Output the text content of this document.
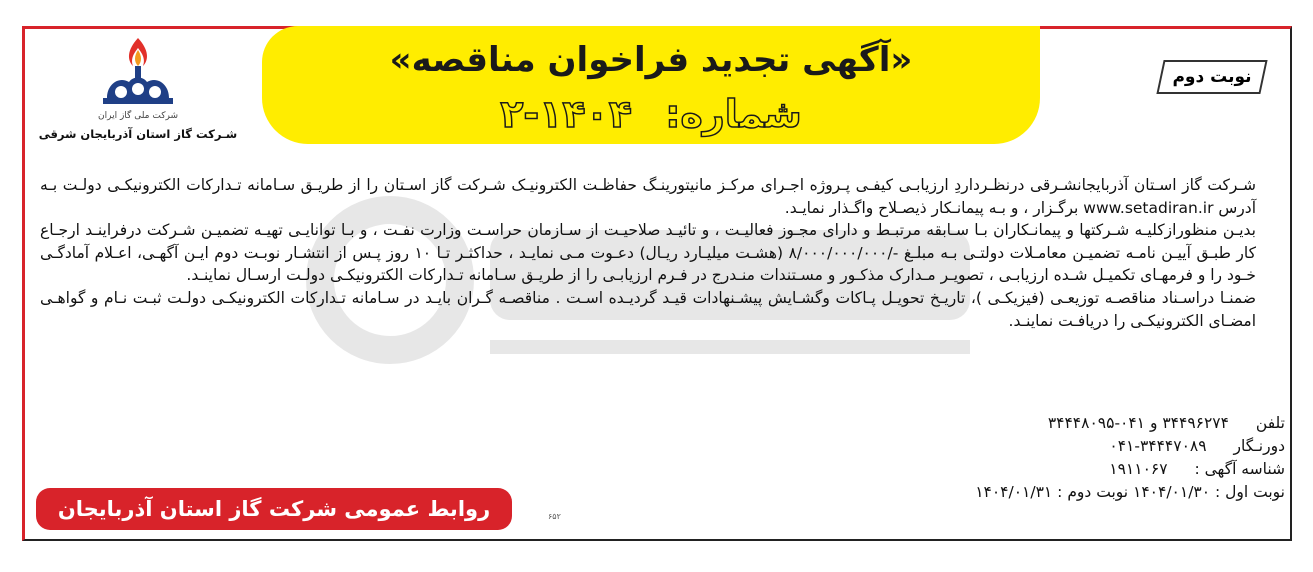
«آگهی تجدید فراخوان مناقصه»
شماره: ۱۴۰۴-۲
نوبت دوم
شرکت ملی گاز ایران
شـرکت گاز استان آذربایجان شرقی

شـرکت گاز اسـتان آذربایجانشـرقی درنظـرداردِ ارزیابـی کیفـی پـروژه اجـرای مرکـز مانیتورینـگ حفاظـت الکترونیـک شـرکت گاز اسـتان را از طریـق سـامانه تـدارکات الکترونیکـی دولـت بـه آدرس www.setadiran.ir برگـزار ، و بـه پیمانـکار ذیصـلاح واگـذار نمایـد.

بدیـن منظورازکلیـه شـرکتها و پیمانـکاران بـا سـابقه مرتبـط و دارای مجـوز فعالیـت ، و تائیـد صلاحیـت از سـازمان حراسـت وزارت نفـت ، و بـا توانایـی تهیـه تضمیـن شـرکت درفراینـد ارجـاع کار طبـق آییـن نامـه تضمیـن معامـلات دولتـی بـه مبلـغ -/۸/۰۰۰/۰۰۰/۰۰۰ (هشـت میلیـارد ریـال) دعـوت مـی نمایـد ، حداکثـر تـا ۱۰ روز پـس از انتشـار نوبـت دوم ایـن آگهـی، اعـلام آمادگـی خـود را و فرمهـای تکمیـل شـده ارزیابـی ، تصویـر مـدارک مذکـور و مسـتندات منـدرج در فـرم ارزیابـی را از طریـق سـامانه تـدارکات الکترونیکـی دولـت ارسـال نماینـد.

ضمنـا دراسـناد مناقصـه توزیعـی (فیزیکـی )، تاریـخ تحویـل پـاکات وگشـایش پیشـنهادات قیـد گردیـده اسـت . مناقصـه گـران بایـد در سـامانه تـدارکات الکترونیکـی دولـت ثبـت نـام و گواهـی امضـای الکترونیکـی را دریافـت نماینـد.

تلفن ۳۴۴۹۶۲۷۴ و ۰۴۱-۳۴۴۴۸۰۹۵
دورنـگار ۰۴۱-۳۴۴۴۷۰۸۹
شناسه آگهی : ۱۹۱۱۰۶۷
نوبت اول : ۱۴۰۴/۰۱/۳۰ نوبت دوم : ۱۴۰۴/۰۱/۳۱
روابط عمومی شرکت گاز استان آذربایجان شرقی
۶۵۲
